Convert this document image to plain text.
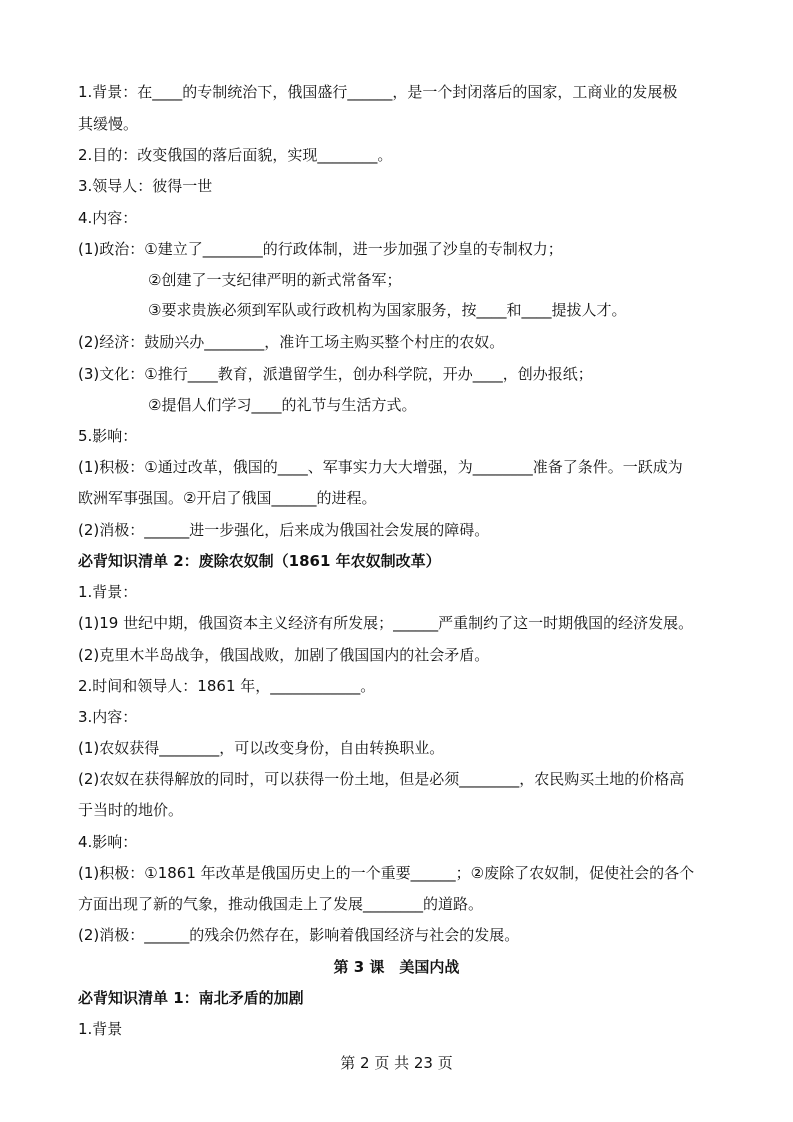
1.背景：在____的专制统治下，俄国盛行______，是一个封闭落后的国家，工商业的发展极
其缓慢。
2.目的：改变俄国的落后面貌，实现________。
3.领导人：彼得一世
4.内容：
(1)政治：①建立了________的行政体制，进一步加强了沙皇的专制权力；
②创建了一支纪律严明的新式常备军；
③要求贵族必须到军队或行政机构为国家服务，按____和____提拔人才。
(2)经济：鼓励兴办________，准许工场主购买整个村庄的农奴。
(3)文化：①推行____教育，派遣留学生，创办科学院，开办____，创办报纸；
②提倡人们学习____的礼节与生活方式。
5.影响：
(1)积极：①通过改革，俄国的____、军事实力大大增强，为________准备了条件。一跃成为
欧洲军事强国。②开启了俄国______的进程。
(2)消极：______进一步强化，后来成为俄国社会发展的障碍。
必背知识清单 2：废除农奴制（1861 年农奴制改革）
1.背景：
(1)19 世纪中期，俄国资本主义经济有所发展；______严重制约了这一时期俄国的经济发展。
(2)克里木半岛战争，俄国战败，加剧了俄国国内的社会矛盾。
2.时间和领导人：1861 年，____________。
3.内容：
(1)农奴获得________，可以改变身份，自由转换职业。
(2)农奴在获得解放的同时，可以获得一份土地，但是必须________，农民购买土地的价格高
于当时的地价。
4.影响：
(1)积极：①1861 年改革是俄国历史上的一个重要______；②废除了农奴制，促使社会的各个
方面出现了新的气象，推动俄国走上了发展________的道路。
(2)消极：______的残余仍然存在，影响着俄国经济与社会的发展。
第 3 课　美国内战
必背知识清单 1：南北矛盾的加剧
1.背景
第 2 页 共 23 页
